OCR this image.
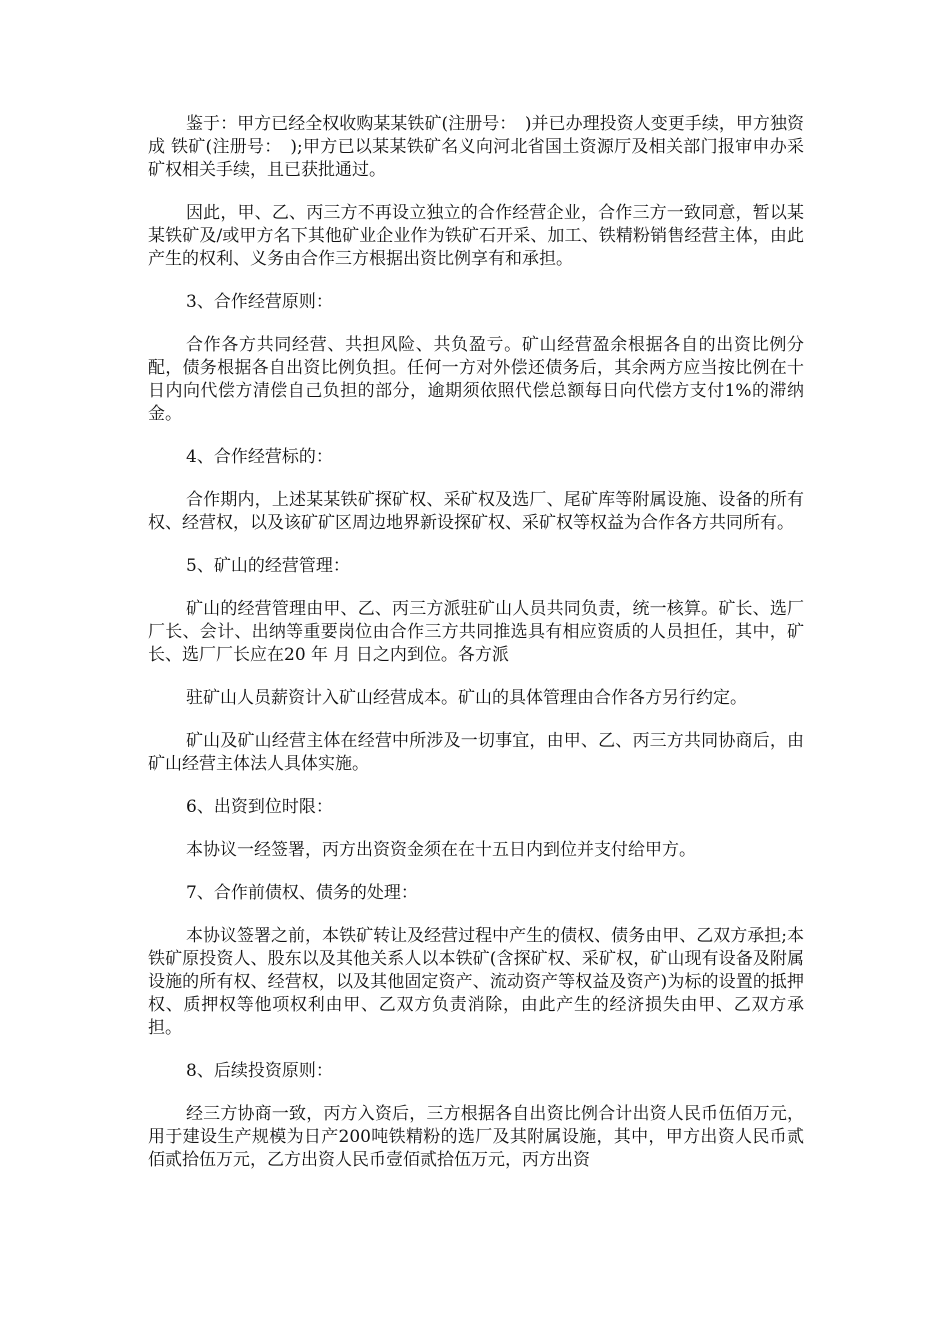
鉴于：甲方已经全权收购某某铁矿(注册号：　)并已办理投资人变更手续，甲方独资成 铁矿(注册号：　);甲方已以某某铁矿名义向河北省国土资源厅及相关部门报审申办采矿权相关手续，且已获批通过。

因此，甲、乙、丙三方不再设立独立的合作经营企业，合作三方一致同意，暂以某某铁矿及/或甲方名下其他矿业企业作为铁矿石开采、加工、铁精粉销售经营主体，由此产生的权利、义务由合作三方根据出资比例享有和承担。

3、合作经营原则：

合作各方共同经营、共担风险、共负盈亏。矿山经营盈余根据各自的出资比例分配，债务根据各自出资比例负担。任何一方对外偿还债务后，其余两方应当按比例在十日内向代偿方清偿自己负担的部分，逾期须依照代偿总额每日向代偿方支付1%的滞纳金。

4、合作经营标的：

合作期内，上述某某铁矿探矿权、采矿权及选厂、尾矿库等附属设施、设备的所有权、经营权，以及该矿矿区周边地界新设探矿权、采矿权等权益为合作各方共同所有。

5、矿山的经营管理：

矿山的经营管理由甲、乙、丙三方派驻矿山人员共同负责，统一核算。矿长、选厂厂长、会计、出纳等重要岗位由合作三方共同推选具有相应资质的人员担任，其中，矿长、选厂厂长应在20 年 月 日之内到位。各方派

驻矿山人员薪资计入矿山经营成本。矿山的具体管理由合作各方另行约定。

矿山及矿山经营主体在经营中所涉及一切事宜，由甲、乙、丙三方共同协商后，由矿山经营主体法人具体实施。

6、出资到位时限：

本协议一经签署，丙方出资资金须在在十五日内到位并支付给甲方。

7、合作前债权、债务的处理：

本协议签署之前，本铁矿转让及经营过程中产生的债权、债务由甲、乙双方承担;本铁矿原投资人、股东以及其他关系人以本铁矿(含探矿权、采矿权，矿山现有设备及附属设施的所有权、经营权，以及其他固定资产、流动资产等权益及资产)为标的设置的抵押权、质押权等他项权利由甲、乙双方负责消除，由此产生的经济损失由甲、乙双方承担。

8、后续投资原则：

经三方协商一致，丙方入资后，三方根据各自出资比例合计出资人民币伍佰万元，用于建设生产规模为日产200吨铁精粉的选厂及其附属设施，其中，甲方出资人民币贰佰贰拾伍万元，乙方出资人民币壹佰贰拾伍万元，丙方出资
